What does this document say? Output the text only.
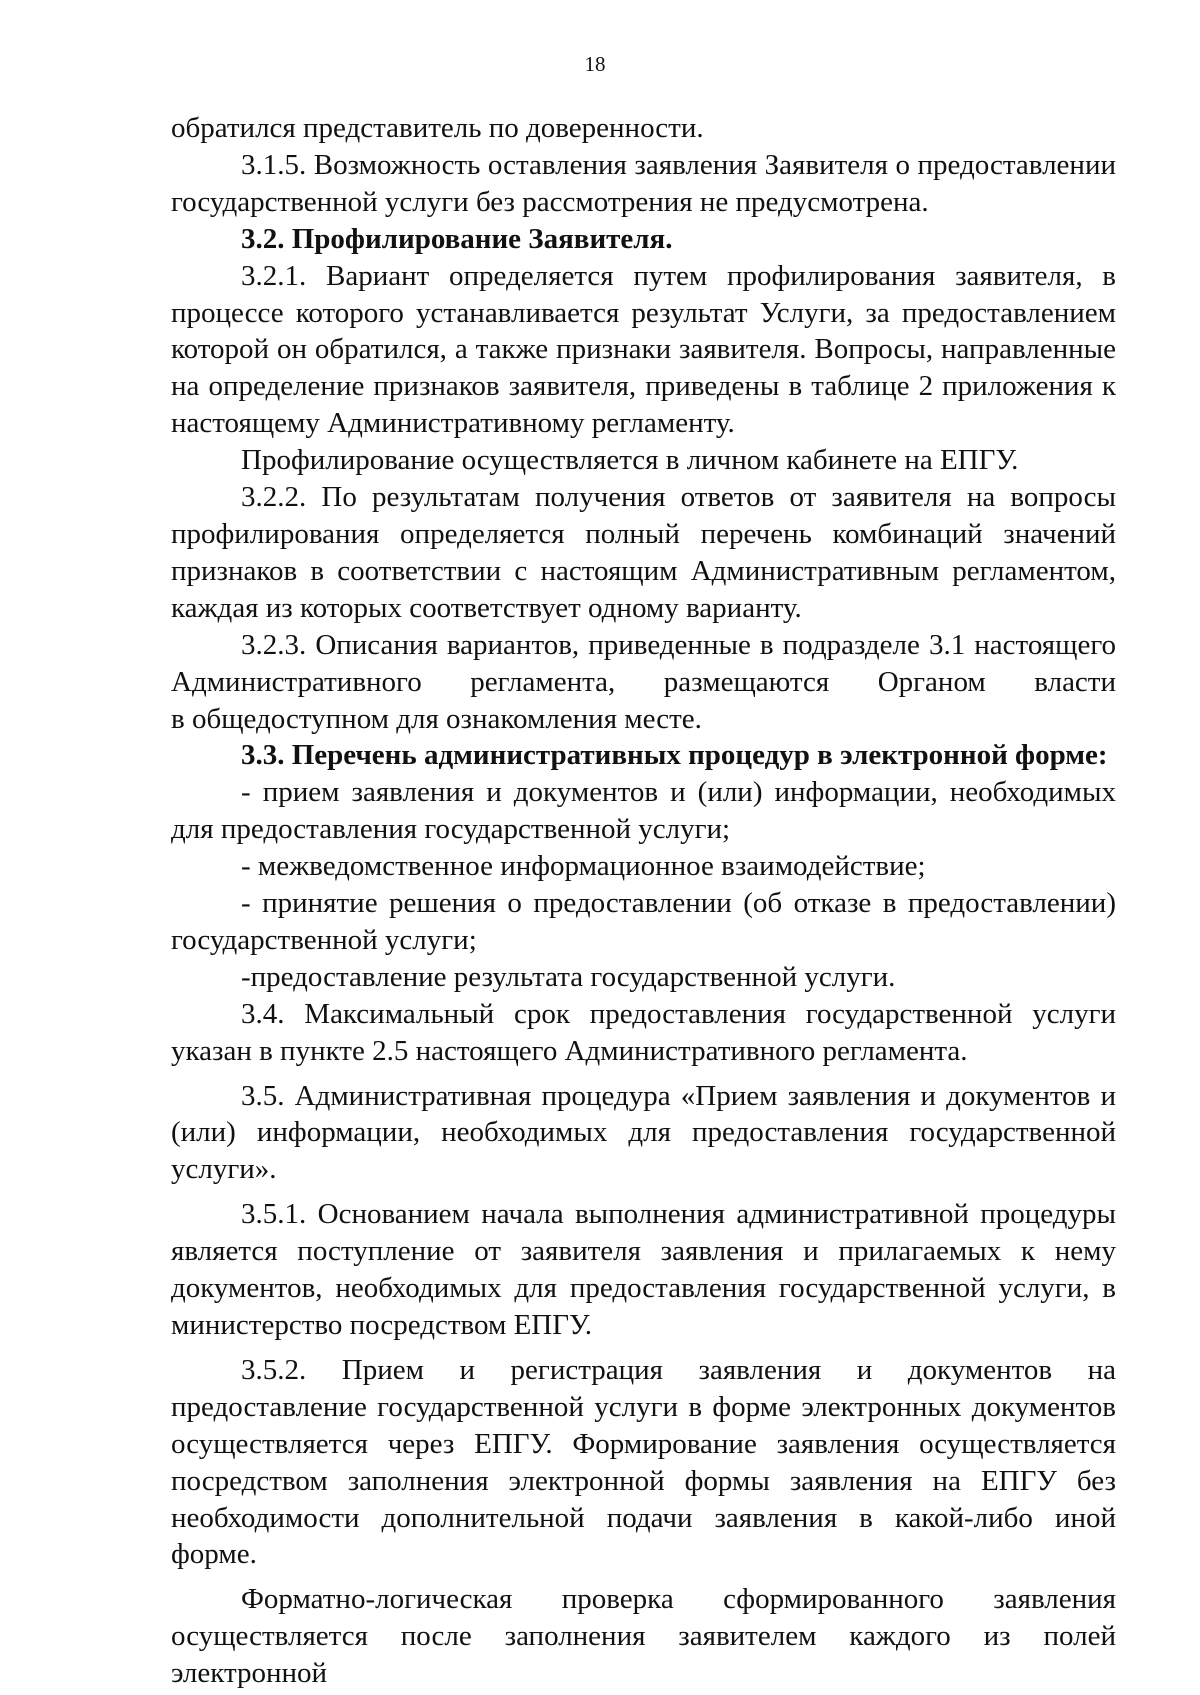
18

обратился представитель по доверенности.

3.1.5. Возможность оставления заявления Заявителя о предоставлении государственной услуги без рассмотрения не предусмотрена.

3.2. Профилирование Заявителя.

3.2.1. Вариант определяется путем профилирования заявителя, в процессе которого устанавливается результат Услуги, за предоставлением которой он обратился, а также признаки заявителя. Вопросы, направленные на определение признаков заявителя, приведены в таблице 2 приложения к настоящему Административному регламенту.

Профилирование осуществляется в личном кабинете на ЕПГУ.

3.2.2. По результатам получения ответов от заявителя на вопросы профилирования определяется полный перечень комбинаций значений признаков в соответствии с настоящим Административным регламентом, каждая из которых соответствует одному варианту.

3.2.3. Описания вариантов, приведенные в подразделе 3.1 настоящего Административного регламента, размещаются Органом власти

в общедоступном для ознакомления месте.

3.3. Перечень административных процедур в электронной форме:

- прием заявления и документов и (или) информации, необходимых для предоставления государственной услуги;

- межведомственное информационное взаимодействие;

- принятие решения о предоставлении (об отказе в предоставлении) государственной услуги;

-предоставление результата государственной услуги.

3.4. Максимальный срок предоставления государственной услуги указан в пункте 2.5 настоящего Административного регламента.

3.5. Административная процедура «Прием заявления и документов и (или) информации, необходимых для предоставления государственной услуги».

3.5.1. Основанием начала выполнения административной процедуры является поступление от заявителя заявления и прилагаемых к нему документов, необходимых для предоставления государственной услуги, в министерство посредством ЕПГУ.

3.5.2. Прием и регистрация заявления и документов на предоставление государственной услуги в форме электронных документов осуществляется через ЕПГУ. Формирование заявления осуществляется посредством заполнения электронной формы заявления на ЕПГУ без необходимости дополнительной подачи заявления в какой-либо иной форме.

Форматно-логическая проверка сформированного заявления осуществляется после заполнения заявителем каждого из полей электронной
